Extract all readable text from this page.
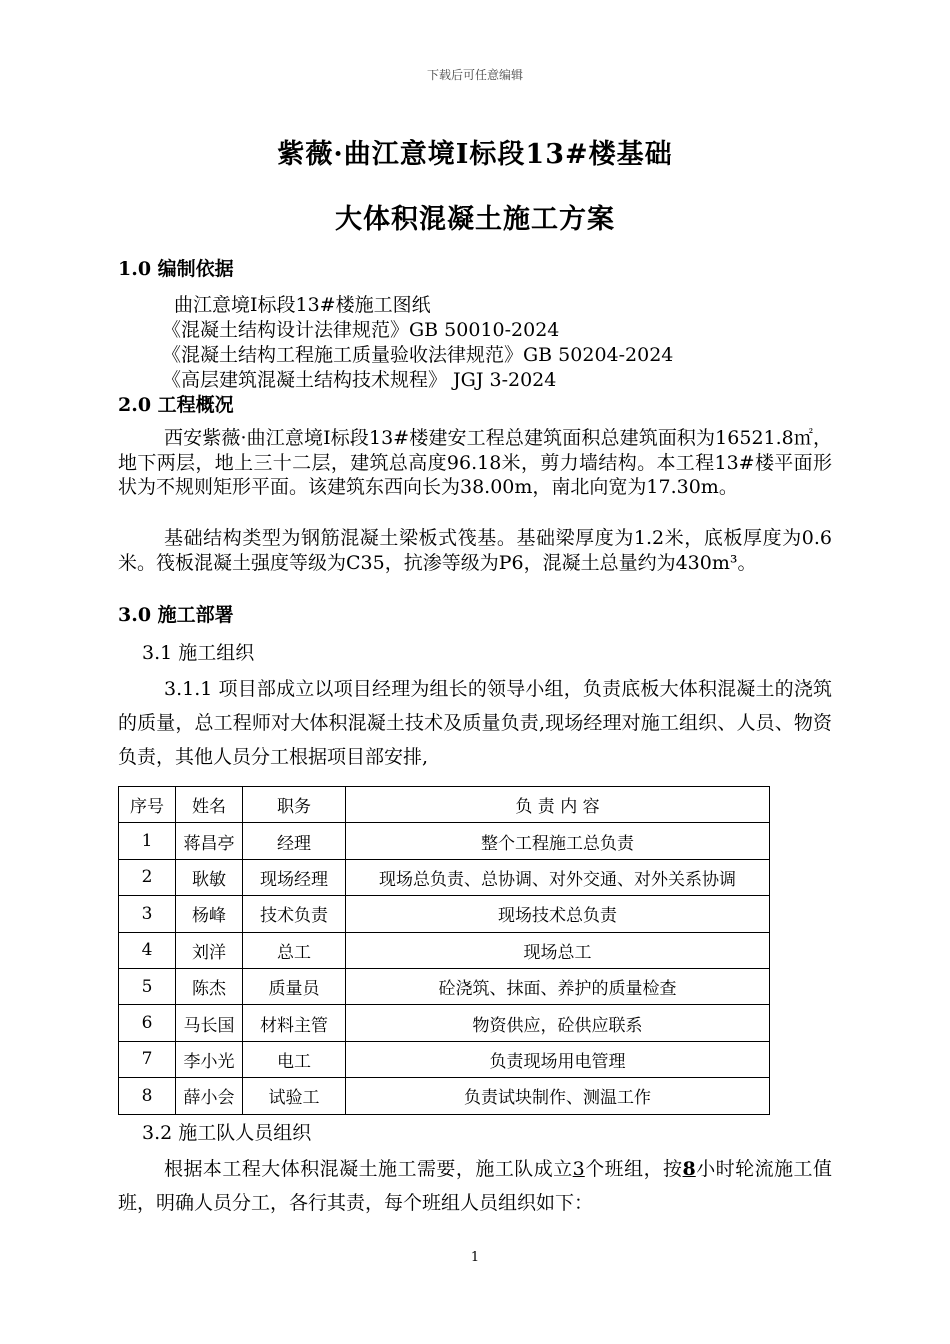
下载后可任意编辑
紫薇·曲江意境Ⅰ标段13#楼基础
大体积混凝土施工方案
1.0 编制依据
曲江意境Ⅰ标段13#楼施工图纸
《混凝土结构设计法律规范》GB 50010-2024
《混凝土结构工程施工质量验收法律规范》GB 50204-2024
《高层建筑混凝土结构技术规程》 JGJ 3-2024
2.0 工程概况
西安紫薇·曲江意境Ⅰ标段13#楼建安工程总建筑面积总建筑面积为16521.8㎡，地下两层，地上三十二层，建筑总高度96.18米，剪力墙结构。本工程13#楼平面形状为不规则矩形平面。该建筑东西向长为38.00m，南北向宽为17.30m。
基础结构类型为钢筋混凝土梁板式筏基。基础梁厚度为1.2米，底板厚度为0.6米。筏板混凝土强度等级为C35，抗渗等级为P6，混凝土总量约为430m³。
3.0 施工部署
3.1 施工组织
3.1.1 项目部成立以项目经理为组长的领导小组，负责底板大体积混凝土的浇筑的质量，总工程师对大体积混凝土技术及质量负责,现场经理对施工组织、人员、物资负责，其他人员分工根据项目部安排,
序号	姓名	职务	负 责 内 容
1	蒋昌亭	经理	整个工程施工总负责
2	耿敏	现场经理	现场总负责、总协调、对外交通、对外关系协调
3	杨峰	技术负责	现场技术总负责
4	刘洋	总工	现场总工
5	陈杰	质量员	砼浇筑、抹面、养护的质量检查
6	马长国	材料主管	物资供应，砼供应联系
7	李小光	电工	负责现场用电管理
8	薛小会	试验工	负责试块制作、测温工作
3.2 施工队人员组织
根据本工程大体积混凝土施工需要，施工队成立3个班组，按8小时轮流施工值班，明确人员分工，各行其责，每个班组人员组织如下：
1
